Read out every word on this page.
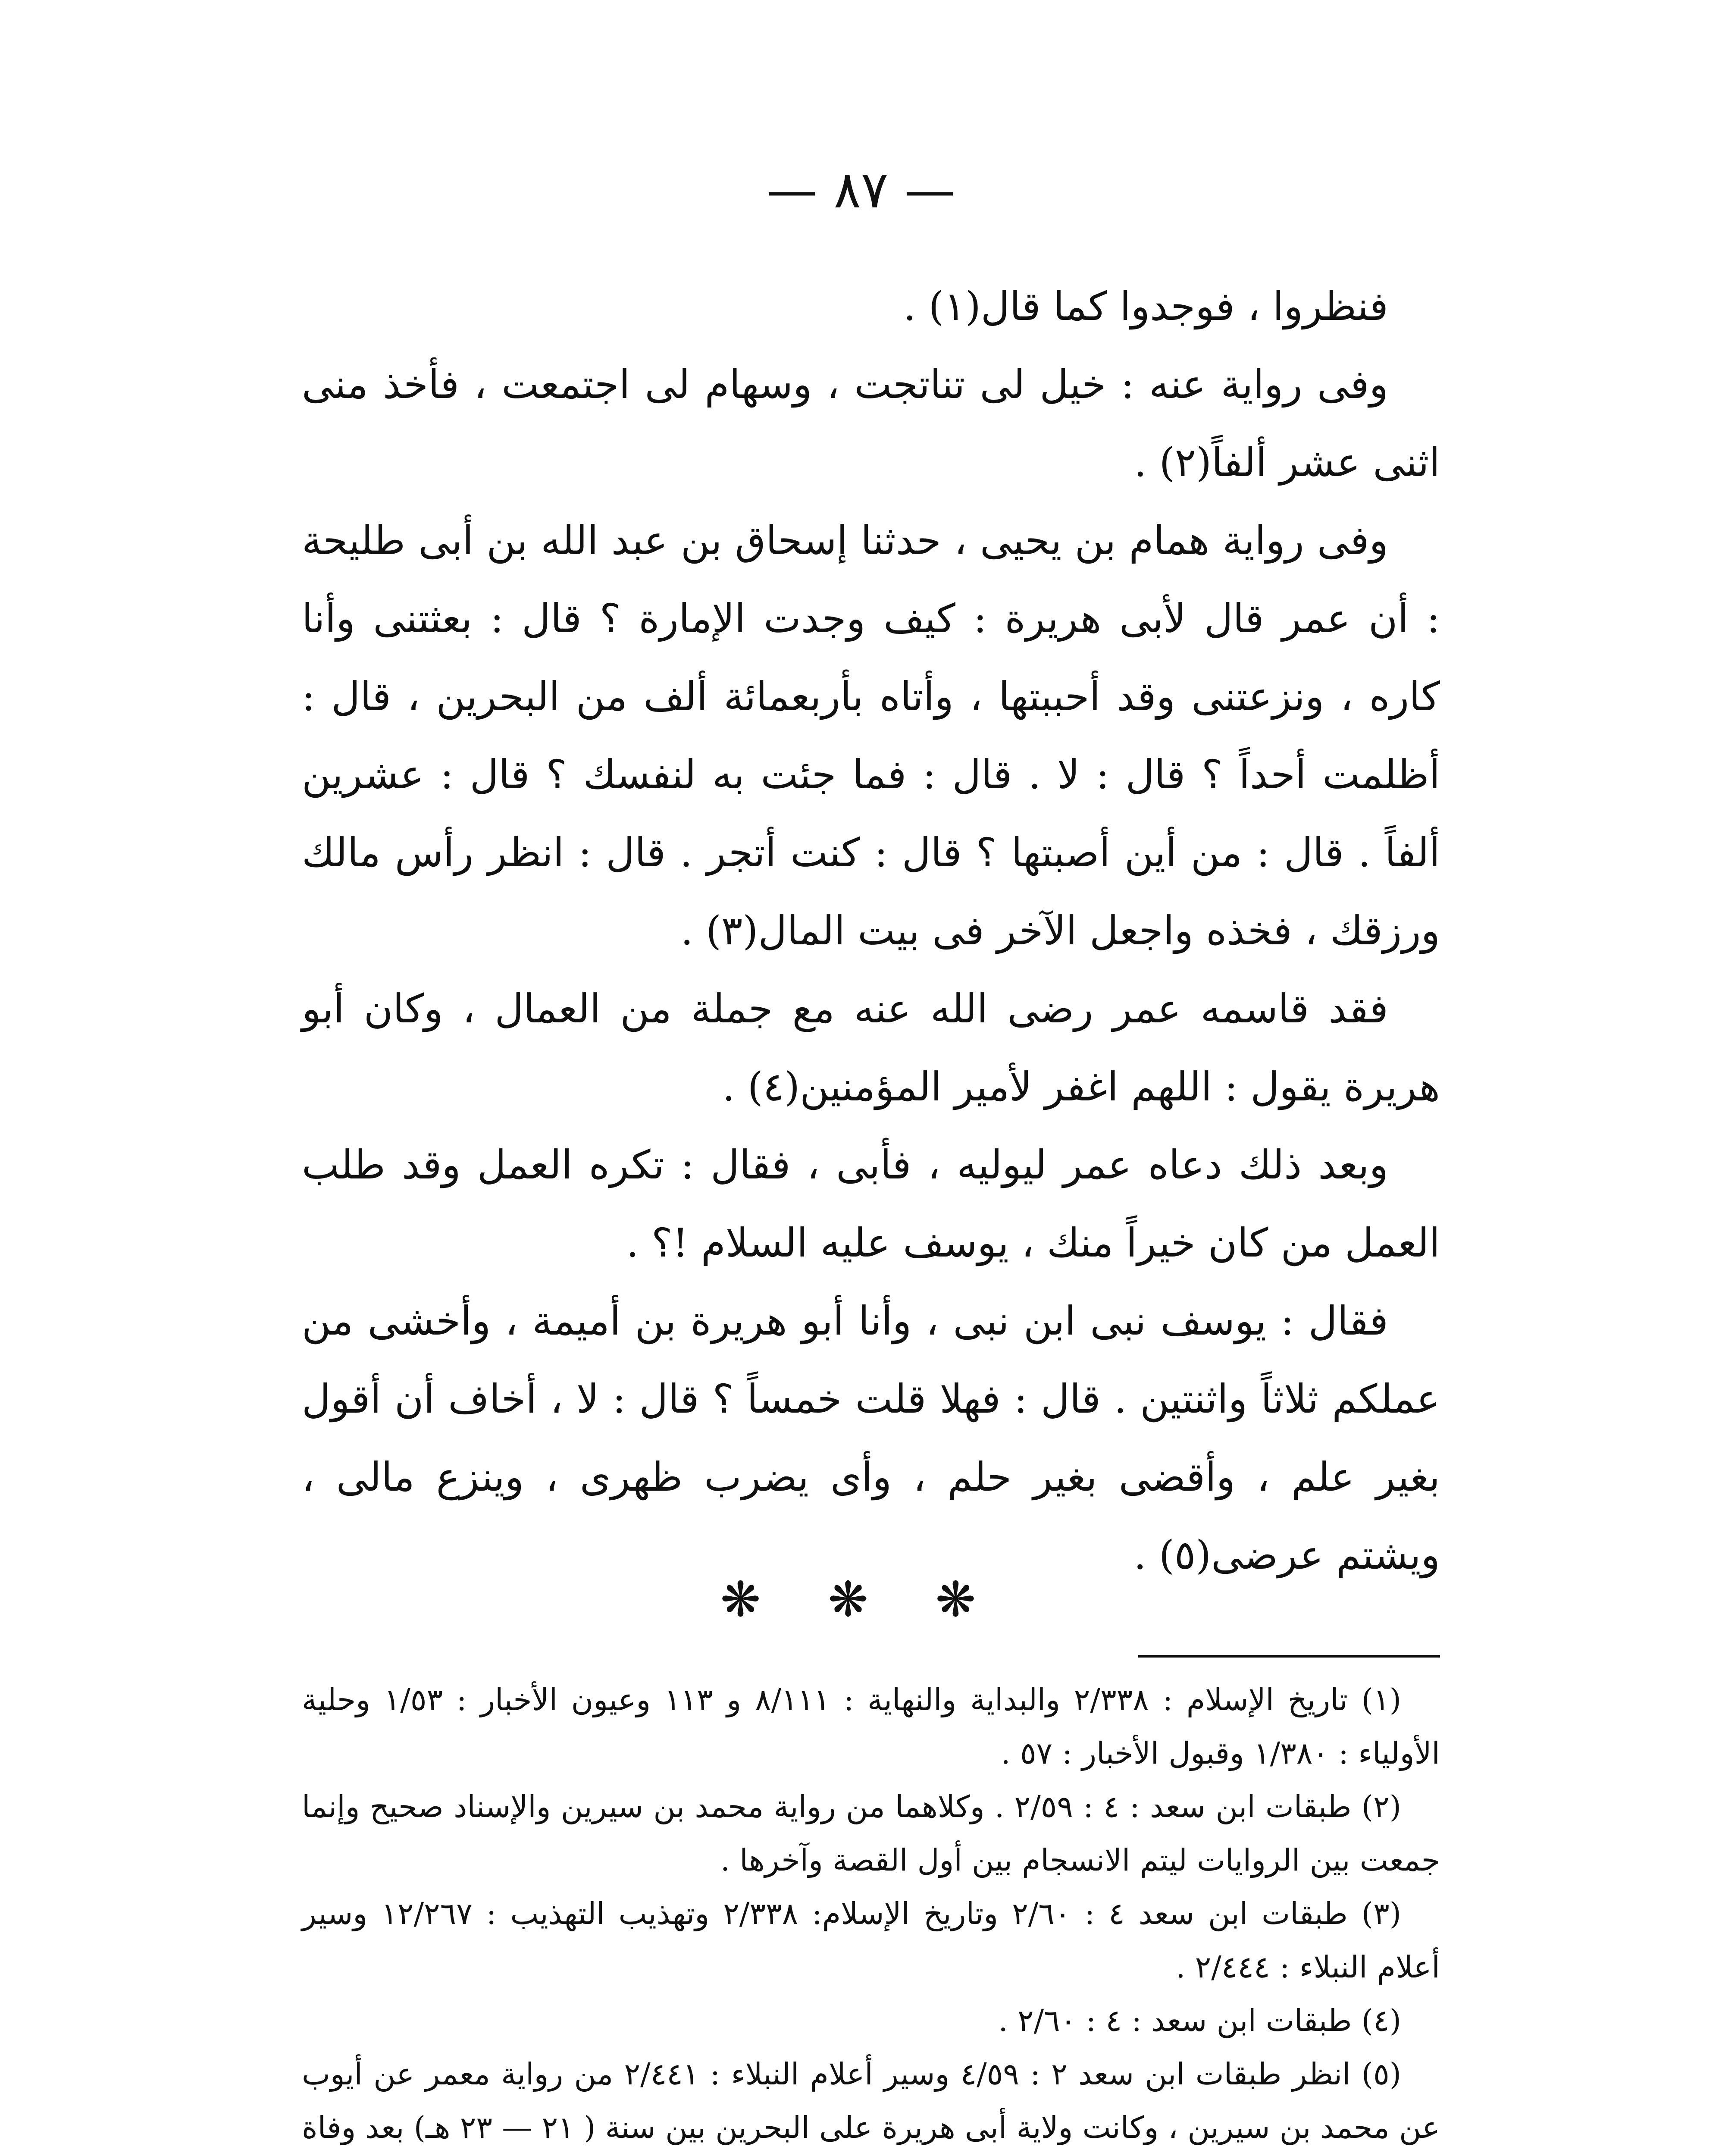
— ٨٧ —

فنظروا ، فوجدوا كما قال(١) .

وفى رواية عنه : خيل لى تناتجت ، وسهام لى اجتمعت ، فأخذ منى اثنى عشر ألفاً(٢) .

وفى رواية همام بن يحيى ، حدثنا إسحاق بن عبد الله بن أبى طليحة : أن عمر قال لأبى هريرة : كيف وجدت الإمارة ؟ قال : بعثتنى وأنا كاره ، ونزعتنى وقد أحببتها ، وأتاه بأربعمائة ألف من البحرين ، قال : أظلمت أحداً ؟ قال : لا . قال : فما جئت به لنفسك ؟ قال : عشرين ألفاً . قال : من أين أصبتها ؟ قال : كنت أتجر . قال : انظر رأس مالك ورزقك ، فخذه واجعل الآخر فى بيت المال(٣) .

فقد قاسمه عمر رضى الله عنه مع جملة من العمال ، وكان أبو هريرة يقول : اللهم اغفر لأمير المؤمنين(٤) .

وبعد ذلك دعاه عمر ليوليه ، فأبى ، فقال : تكره العمل وقد طلب العمل من كان خيراً منك ، يوسف عليه السلام !؟ .

فقال : يوسف نبى ابن نبى ، وأنا أبو هريرة بن أميمة ، وأخشى من عملكم ثلاثاً واثنتين . قال : فهلا قلت خمساً ؟ قال : لا ، أخاف أن أقول بغير علم ، وأقضى بغير حلم ، وأى يضرب ظهرى ، وينزع مالى ، ويشتم عرضى(٥) .

❋ ❋ ❋

(١) تاريخ الإسلام : ٢/٣٣٨ والبداية والنهاية : ٨/١١١ و ١١٣ وعيون الأخبار : ١/٥٣ وحلية الأولياء : ١/٣٨٠ وقبول الأخبار : ٥٧ .

(٢) طبقات ابن سعد : ٤ : ٢/٥٩ . وكلاهما من رواية محمد بن سيرين والإسناد صحيح وإنما جمعت بين الروايات ليتم الانسجام بين أول القصة وآخرها .

(٣) طبقات ابن سعد ٤ : ٢/٦٠ وتاريخ الإسلام: ٢/٣٣٨ وتهذيب التهذيب : ١٢/٢٦٧ وسير أعلام النبلاء : ٢/٤٤٤ .

(٤) طبقات ابن سعد : ٤ : ٢/٦٠ .

(٥) انظر طبقات ابن سعد ٢ : ٤/٥٩ وسير أعلام النبلاء : ٢/٤٤١ من رواية معمر عن أيوب عن محمد بن سيرين ، وكانت ولاية أبى هريرة على البحرين بين سنة ( ٢١ — ٢٣ هـ) بعد وفاة
